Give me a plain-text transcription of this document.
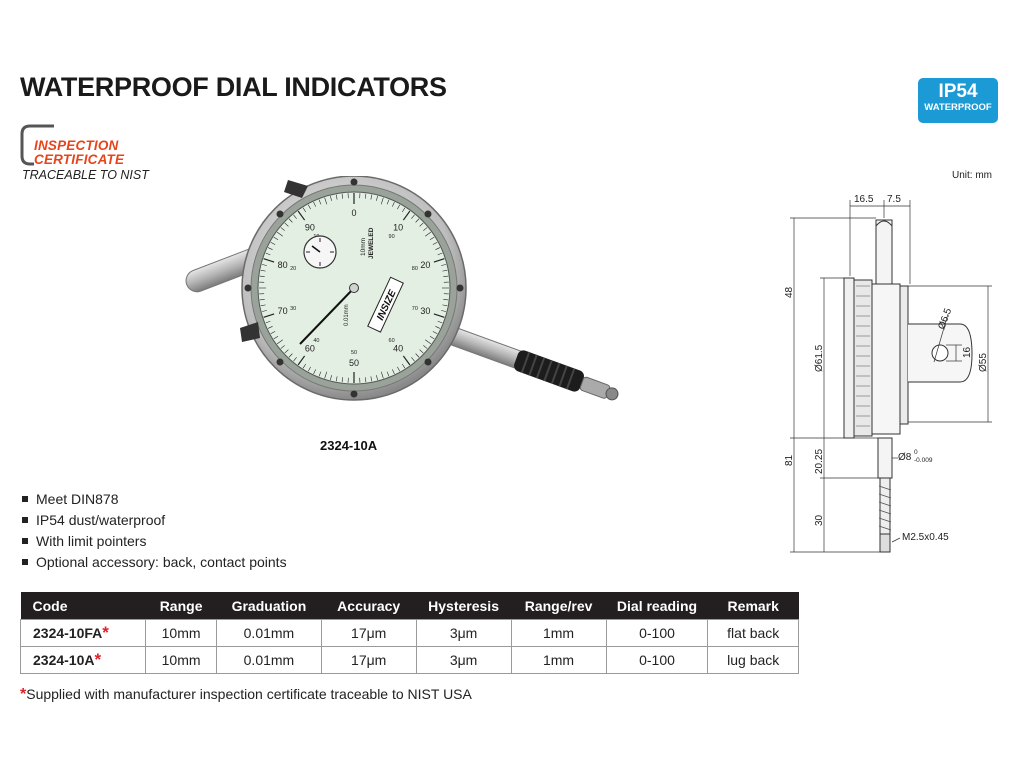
WATERPROOF DIAL INDICATORS	IP54
WATERPROOF
INSPECTION
CERTIFICATE
TRACEABLE TO NIST	Unit: mm
0
10
20
30
40
50
60
70
80
90
90
80
70
60
50
40
30
20
10mm JEWELED
0.01mm	INSIZE
2324-10A
Meet DIN878
IP54 dust/waterproof
With limit pointers
Optional accessory: back, contact points
16.5 7.5
48
81
Ø61.5
20.25
30
Ø6.5
16
Ø55
Ø8 0
-0.009
M2.5x0.45
Code	Range	Graduation	Accuracy	Hysteresis	Range/rev	Dial reading	Remark
2324-10FA*	10mm	0.01mm	17μm	3μm	1mm	0-100	flat back
2324-10A*	10mm	0.01mm	17μm	3μm	1mm	0-100	lug back
*Supplied with manufacturer inspection certificate traceable to NIST USA
